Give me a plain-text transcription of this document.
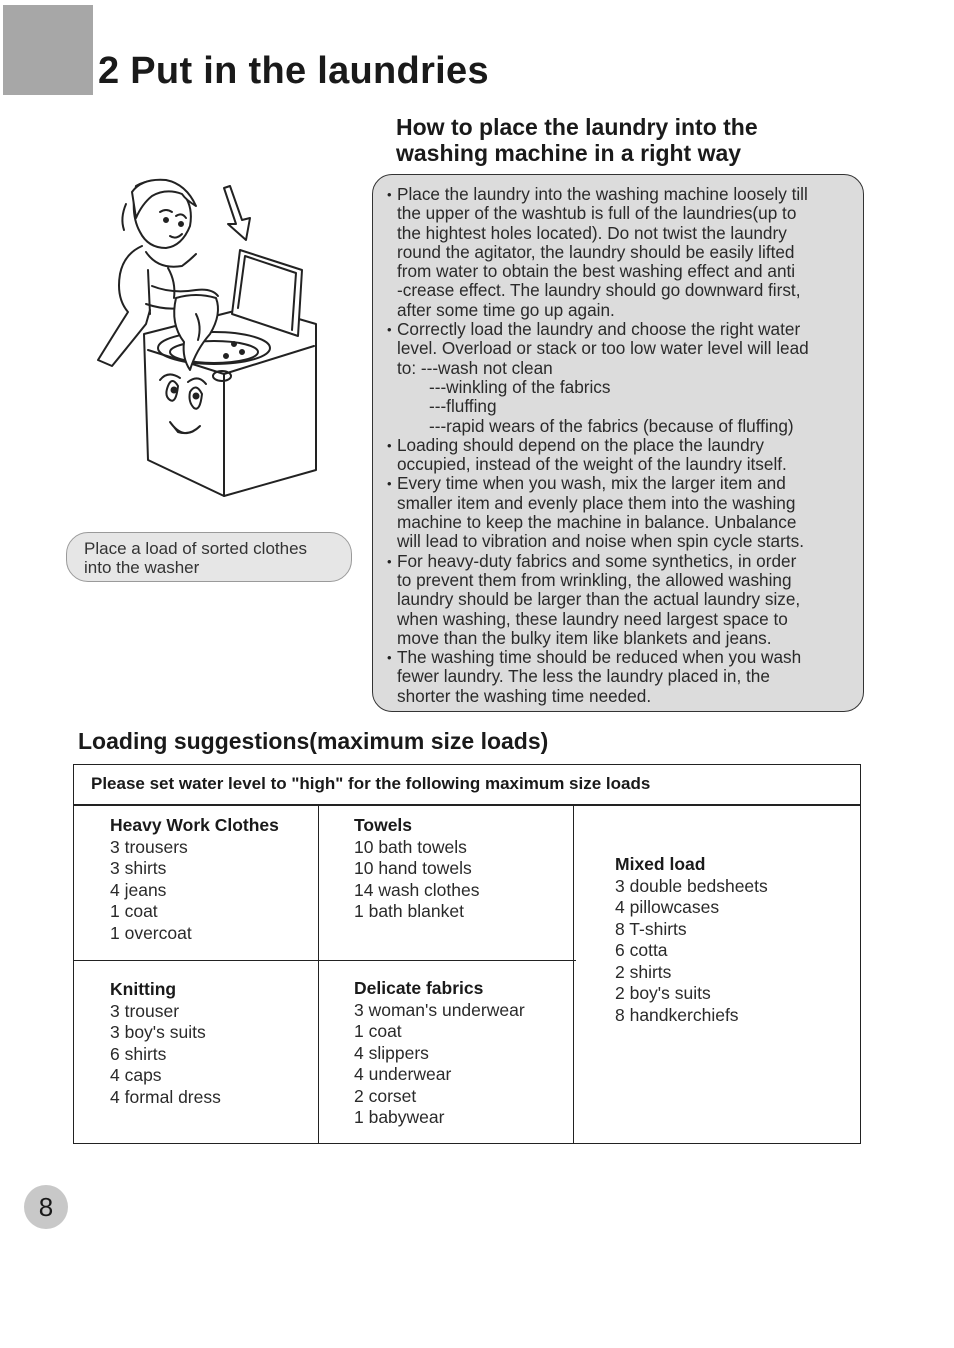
2 Put in the laundries
How to place the laundry into the
washing machine in a right way
Place a load of sorted clothes
into the washer
• Place the laundry into the washing machine loosely till
the upper of the washtub is full of the laundries(up to
the hightest holes located). Do not twist the laundry
round the agitator, the laundry should be easily lifted
from water to obtain the best washing effect and anti
-crease effect. The laundry should go downward first,
after some time go up again.
• Correctly load the laundry and choose the right water
level. Overload or stack or too low water level will lead
to: ---wash not clean
---winkling of the fabrics
---fluffing
---rapid wears of the fabrics (because of fluffing)
• Loading should depend on the place the laundry
occupied, instead of the weight of the laundry itself.
• Every time when you wash, mix the larger item and
smaller item and evenly place them into the washing
machine to keep the machine in balance. Unbalance
will lead to vibration and noise when spin cycle starts.
• For heavy-duty fabrics and some synthetics, in order
to prevent them from wrinkling, the allowed washing
laundry should be larger than the actual laundry size,
when washing, these laundry need largest space to
move than the bulky item like blankets and jeans.
• The washing time should be reduced when you wash
fewer laundry. The less the laundry placed in, the
shorter the washing time needed.
Loading suggestions(maximum size loads)
Please set water level to "high" for the following maximum size loads
Heavy Work Clothes
3 trousers
3 shirts
4 jeans
1 coat
1 overcoat
Towels
10 bath towels
10 hand towels
14 wash clothes
1 bath blanket
Mixed load
3 double bedsheets
4 pillowcases
8 T-shirts
6 cotta
2 shirts
2 boy's suits
8 handkerchiefs
Knitting
3 trouser
3 boy's suits
6 shirts
4 caps
4 formal dress
Delicate fabrics
3 woman's underwear
1 coat
4 slippers
4 underwear
2 corset
1 babywear
8
